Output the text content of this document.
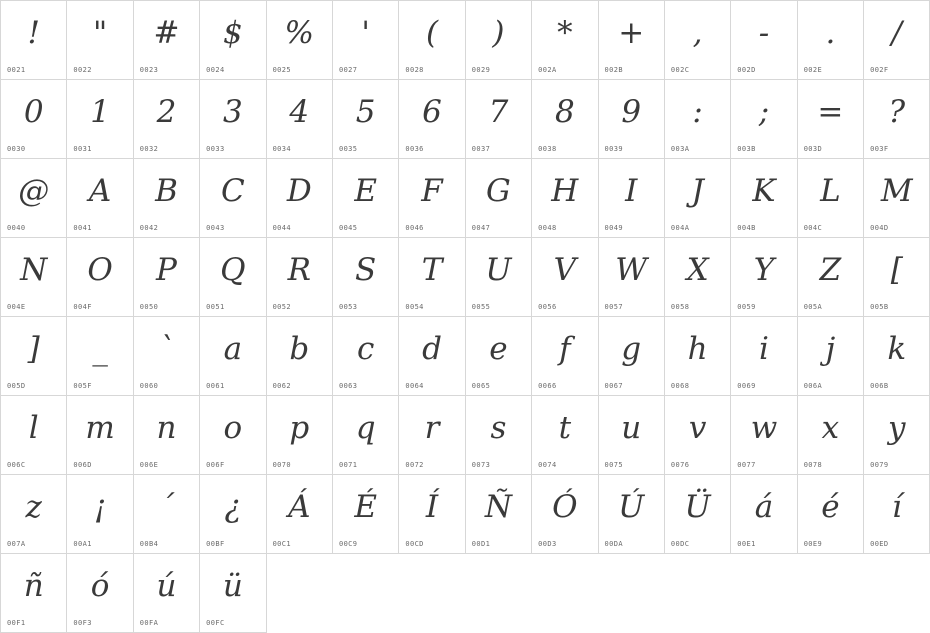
!
0021
"
0022
#
0023
$
0024
%
0025
'
0027
(
0028
)
0029
*
002A
+
002B
,
002C
-
002D
.
002E
/
002F
0
0030
1
0031
2
0032
3
0033
4
0034
5
0035
6
0036
7
0037
8
0038
9
0039
:
003A
;
003B
=
003D
?
003F
@
0040
A
0041
B
0042
C
0043
D
0044
E
0045
F
0046
G
0047
H
0048
I
0049
J
004A
K
004B
L
004C
M
004D
N
004E
O
004F
P
0050
Q
0051
R
0052
S
0053
T
0054
U
0055
V
0056
W
0057
X
0058
Y
0059
Z
005A
[
005B
]
005D
_
005F
`
0060
a
0061
b
0062
c
0063
d
0064
e
0065
f
0066
g
0067
h
0068
i
0069
j
006A
k
006B
l
006C
m
006D
n
006E
o
006F
p
0070
q
0071
r
0072
s
0073
t
0074
u
0075
v
0076
w
0077
x
0078
y
0079
z
007A
¡
00A1
´
00B4
¿
00BF
Á
00C1
É
00C9
Í
00CD
Ñ
00D1
Ó
00D3
Ú
00DA
Ü
00DC
á
00E1
é
00E9
í
00ED
ñ
00F1
ó
00F3
ú
00FA
ü
00FC
